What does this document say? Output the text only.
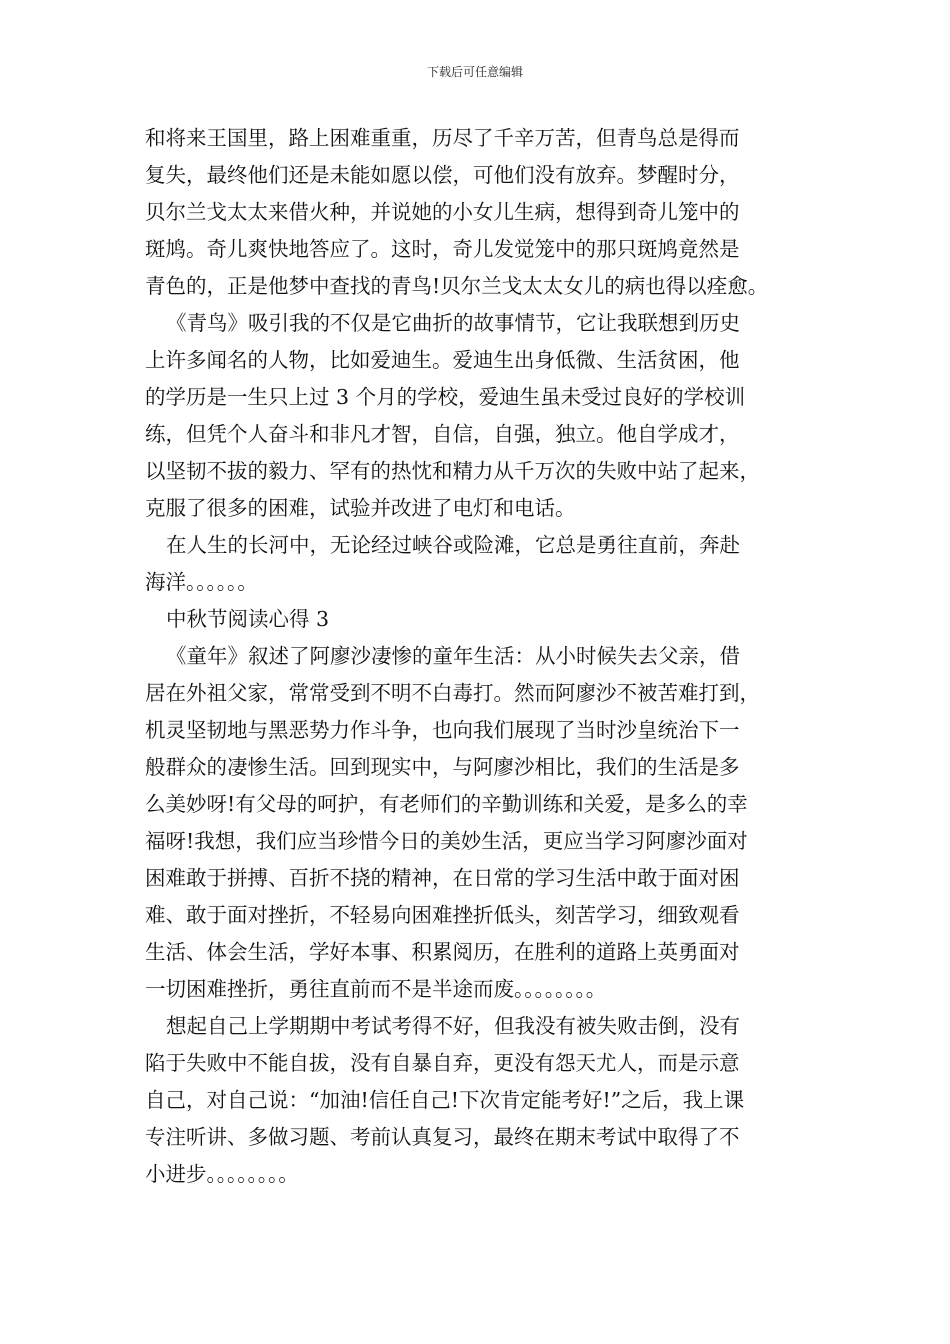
下载后可任意编辑
和将来王国里，路上困难重重，历尽了千辛万苦，但青鸟总是得而
复失，最终他们还是未能如愿以偿，可他们没有放弃。梦醒时分，
贝尔兰戈太太来借火种，并说她的小女儿生病，想得到奇儿笼中的
斑鸠。奇儿爽快地答应了。这时，奇儿发觉笼中的那只斑鸠竟然是
青色的，正是他梦中查找的青鸟!贝尔兰戈太太女儿的病也得以痊愈。
《青鸟》吸引我的不仅是它曲折的故事情节，它让我联想到历史
上许多闻名的人物，比如爱迪生。爱迪生出身低微、生活贫困，他
的学历是一生只上过 3 个月的学校，爱迪生虽未受过良好的学校训
练，但凭个人奋斗和非凡才智，自信，自强，独立。他自学成才，
以坚韧不拔的毅力、罕有的热忱和精力从千万次的失败中站了起来，
克服了很多的困难，试验并改进了电灯和电话。
在人生的长河中，无论经过峡谷或险滩，它总是勇往直前，奔赴
海洋。。。。。。
中秋节阅读心得 3
《童年》叙述了阿廖沙凄惨的童年生活：从小时候失去父亲，借
居在外祖父家，常常受到不明不白毒打。然而阿廖沙不被苦难打到，
机灵坚韧地与黑恶势力作斗争，也向我们展现了当时沙皇统治下一
般群众的凄惨生活。回到现实中，与阿廖沙相比，我们的生活是多
么美妙呀!有父母的呵护，有老师们的辛勤训练和关爱，是多么的幸
福呀!我想，我们应当珍惜今日的美妙生活，更应当学习阿廖沙面对
困难敢于拼搏、百折不挠的精神，在日常的学习生活中敢于面对困
难、敢于面对挫折，不轻易向困难挫折低头，刻苦学习，细致观看
生活、体会生活，学好本事、积累阅历，在胜利的道路上英勇面对
一切困难挫折，勇往直前而不是半途而废。。。。。。。。
想起自己上学期期中考试考得不好，但我没有被失败击倒，没有
陷于失败中不能自拔，没有自暴自弃，更没有怨天尤人，而是示意
自己，对自己说：“加油!信任自己!下次肯定能考好!”之后，我上课
专注听讲、多做习题、考前认真复习，最终在期末考试中取得了不
小进步。。。。。。。。
